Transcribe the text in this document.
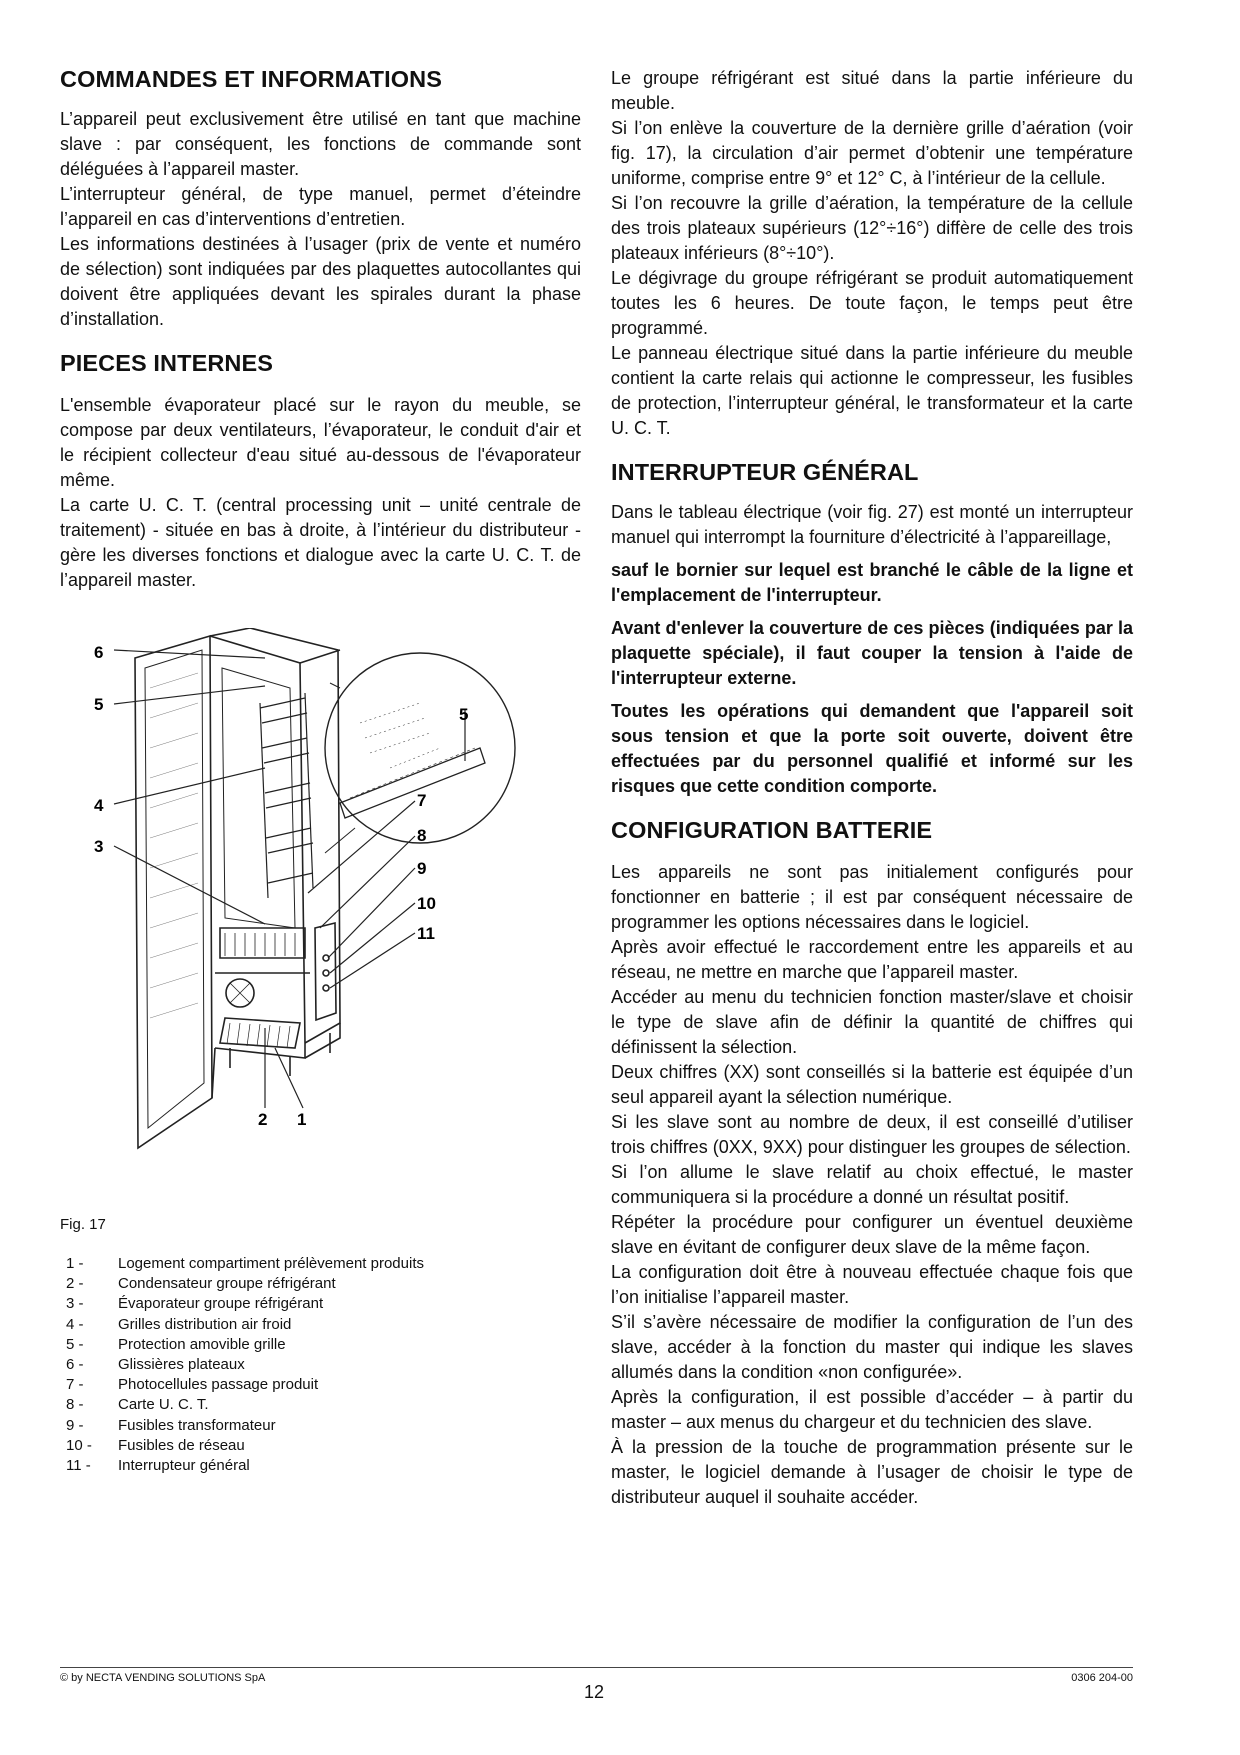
COMMANDES ET INFORMATIONS

L’appareil peut exclusivement être utilisé en tant que machine slave : par conséquent, les fonctions de commande sont déléguées à l’appareil master.

L’interrupteur général, de type manuel, permet d’éteindre l’appareil en cas d’interventions d’entretien.

Les informations destinées à l’usager (prix de vente et numéro de sélection) sont indiquées par des plaquettes autocollantes qui doivent être appliquées devant les spirales durant la phase d’installation.

PIECES INTERNES

L'ensemble évaporateur placé sur le rayon du meuble, se compose par deux ventilateurs, l’évaporateur, le conduit d'air et le récipient collecteur d'eau situé au-dessous de l'évaporateur même.

La carte U. C. T. (central processing unit – unité centrale de traitement) - située en bas à droite, à l’intérieur du distributeur - gère les diverses fonctions et dialogue avec la carte U. C. T. de l’appareil master.

6
5
4
3
5
7
8
9
10
11
2 1
Fig. 17
1 -	Logement compartiment prélèvement produits
2 -	Condensateur groupe réfrigérant
3 -	Évaporateur groupe réfrigérant
4 -	Grilles distribution air froid
5 -	Protection amovible grille
6 -	Glissières plateaux
7 -	Photocellules passage produit
8 -	Carte U. C. T.
9 -	Fusibles transformateur
10 -	Fusibles de réseau
11 -	Interrupteur général

Le groupe réfrigérant est situé dans la partie inférieure du meuble.

Si l’on enlève la couverture de la dernière grille d’aération (voir fig. 17), la circulation d’air permet d’obtenir une température uniforme, comprise entre 9° et 12° C, à l’intérieur de la cellule.

Si l’on recouvre la grille d’aération, la température de la cellule des trois plateaux supérieurs (12°÷16°) diffère de celle des trois plateaux inférieurs (8°÷10°).

Le dégivrage du groupe réfrigérant se produit automatiquement toutes les 6 heures. De toute façon, le temps peut être programmé.

Le panneau électrique situé dans la partie inférieure du meuble contient la carte relais qui actionne le compresseur, les fusibles de protection, l’interrupteur général, le transformateur et la carte U. C. T.

INTERRUPTEUR GÉNÉRAL

Dans le tableau électrique (voir fig. 27) est monté un interrupteur manuel qui interrompt la fourniture d’électricité à l’appareillage,

sauf le bornier sur lequel est branché le câble de la ligne et l'emplacement de l'interrupteur.

Avant d'enlever la couverture de ces pièces (indiquées par la plaquette spéciale), il faut couper la tension à l'aide de l'interrupteur externe.

Toutes les opérations qui demandent que l'appareil soit sous tension et que la porte soit ouverte, doivent être effectuées par du personnel qualifié et informé sur les risques que cette condition comporte.

CONFIGURATION BATTERIE

Les appareils ne sont pas initialement configurés pour fonctionner en batterie ; il est par conséquent nécessaire de programmer les options nécessaires dans le logiciel.

Après avoir effectué le raccordement entre les appareils et au réseau, ne mettre en marche que l’appareil master.

Accéder au menu du technicien fonction master/slave et choisir le type de slave afin de définir la quantité de chiffres qui définissent la sélection.

Deux chiffres (XX) sont conseillés si la batterie est équipée d’un seul appareil ayant la sélection numérique.

Si les slave sont au nombre de deux, il est conseillé d’utiliser trois chiffres (0XX, 9XX) pour distinguer les groupes de sélection.

Si l’on allume le slave relatif au choix effectué, le master communiquera si la procédure a donné un résultat positif.

Répéter la procédure pour configurer un éventuel deuxième slave en évitant de configurer deux slave de la même façon.

La configuration doit être à nouveau effectuée chaque fois que l’on initialise l’appareil master.

S’il s’avère nécessaire de modifier la configuration de l’un des slave, accéder à la fonction du master qui indique les slaves allumés dans la condition «non configurée».

Après la configuration, il est possible d’accéder – à partir du master – aux menus du chargeur et du technicien des slave.

À la pression de la touche de programmation présente sur le master, le logiciel demande à l’usager de choisir le type de distributeur auquel il souhaite accéder.

© by NECTA VENDING SOLUTIONS SpA
12
0306 204-00
